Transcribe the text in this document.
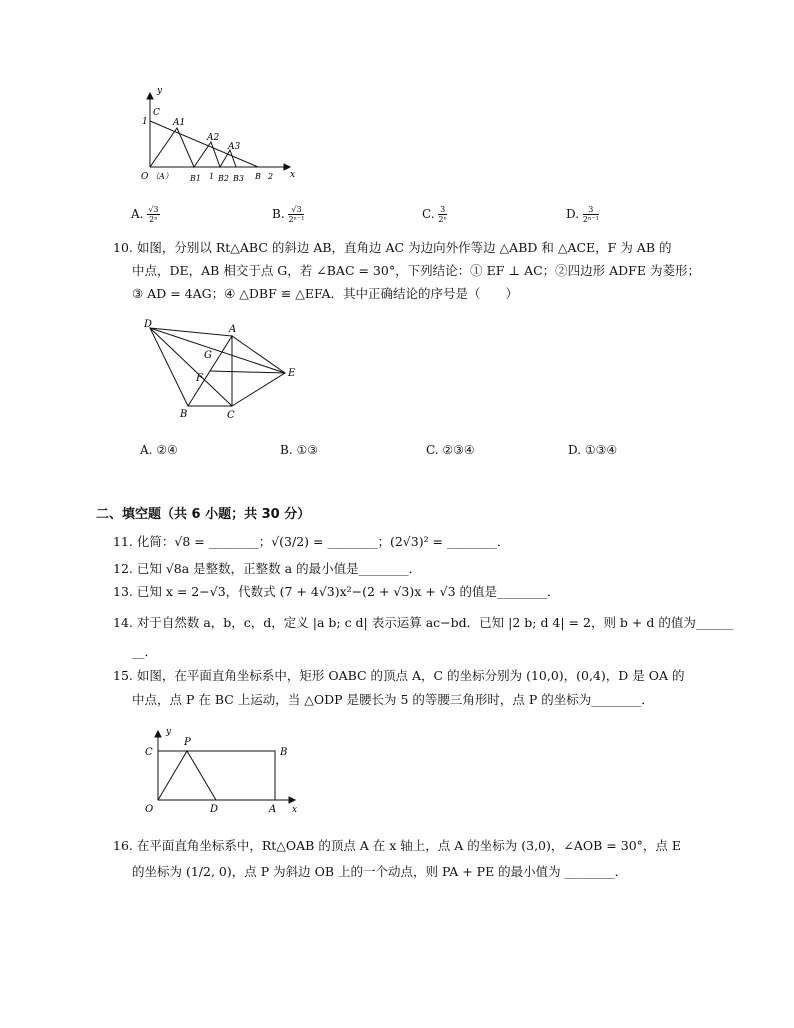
y
x
1
C
A1
A2
A3
O （A） B1 1 B2 B3 B 2
A. $\frac{√3}{\text{2ⁿ}}$	B. $\frac{√3}{\text{2ⁿ⁻¹}}$	C. $\frac{3}{\text{2ⁿ}}$	D. $\frac{3}{\text{2ⁿ⁻¹}}$
10. 如图，分别以 Rt△ABC 的斜边 AB，直角边 AC 为边向外作等边 △ABD 和 △ACE，F 为 AB 的
中点，DE，AB 相交于点 G，若 ∠BAC = 30°，下列结论：① EF ⊥ AC；②四边形 ADFE 为菱形；
③ AD = 4AG；④ △DBF ≌ △EFA．其中正确结论的序号是（　　）
D	A
G
F	E
B	C
A. ②④	B. ①③	C. ②③④	D. ①③④
二、填空题（共 6 小题；共 30 分）
11. 化简：√8 = ________；√(3/2) = ________；(2√3)² = ________．
12. 已知 √8a 是整数，正整数 a 的最小值是________．
13. 已知 x = 2−√3，代数式 (7 + 4√3)x²−(2 + √3)x + √3 的值是________．
14. 对于自然数 a，b，c，d，定义 |a b; c d| 表示运算 ac−bd．已知 |2 b; d 4| = 2，则 b + d 的值为______
__．
15. 如图，在平面直角坐标系中，矩形 OABC 的顶点 A，C 的坐标分别为 (10,0)，(0,4)，D 是 OA 的
中点，点 P 在 BC 上运动，当 △ODP 是腰长为 5 的等腰三角形时，点 P 的坐标为________．
y
C
P
B
O	D	A x
16. 在平面直角坐标系中，Rt△OAB 的顶点 A 在 x 轴上，点 A 的坐标为 (3,0)，∠AOB = 30°，点 E
的坐标为 (1/2, 0)，点 P 为斜边 OB 上的一个动点，则 PA + PE 的最小值为 ________．
